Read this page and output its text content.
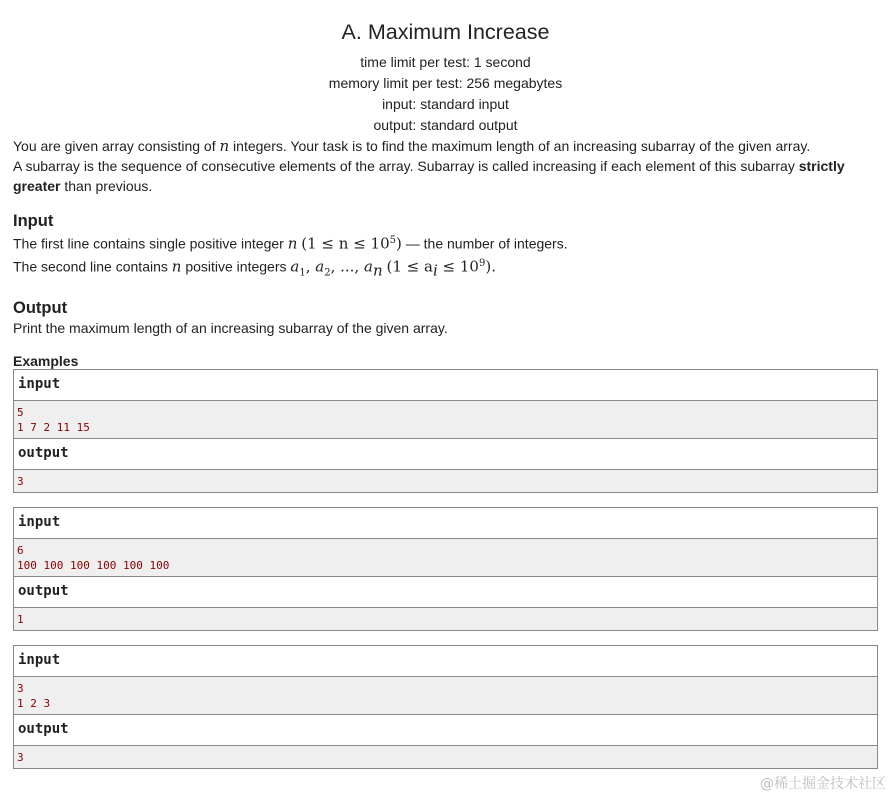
A. Maximum Increase
time limit per test: 1 second
memory limit per test: 256 megabytes
input: standard input
output: standard output

You are given array consisting of n integers. Your task is to find the maximum length of an increasing subarray of the given array.

A subarray is the sequence of consecutive elements of the array. Subarray is called increasing if each element of this subarray strictly greater than previous.

Input

The first line contains single positive integer n $(1 \le n \le 10^5)$ — the number of integers.

The second line contains n positive integers $a_1$, $a_2$, ..., $a_n$ $(1 \le a_i \le 10^9)$.

Output

Print the maximum length of an increasing subarray of the given array.

Examples
input
5
1 7 2 11 15
output
3
input
6
100 100 100 100 100 100
output
1
input
3
1 2 3
output
3
@稀土掘金技术社区
